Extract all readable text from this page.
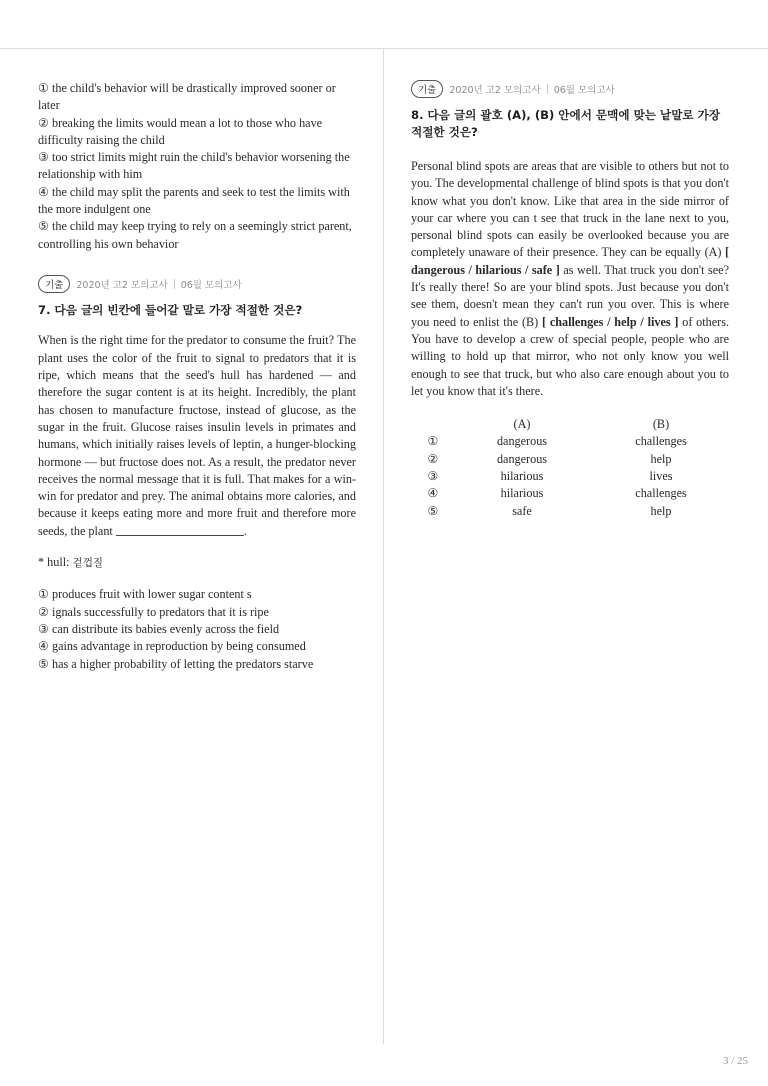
① the child's behavior will be drastically improved sooner or later

② breaking the limits would mean a lot to those who have difficulty raising the child

③ too strict limits might ruin the child's behavior worsening the relationship with him

④ the child may split the parents and seek to test the limits with the more indulgent one

⑤ the child may keep trying to rely on a seemingly strict parent, controlling his own behavior

기출	2020년 고2 모의고사 06월 모의고사

7. 다음 글의 빈칸에 들어갈 말로 가장 적절한 것은?

When is the right time for the predator to consume the fruit? The plant uses the color of the fruit to signal to predators that it is ripe, which means that the seed's hull has hardened — and therefore the sugar content is at its height. Incredibly, the plant has chosen to manufacture fructose, instead of glucose, as the sugar in the fruit. Glucose raises insulin levels in primates and humans, which initially raises levels of leptin, a hunger-blocking hormone — but fructose does not. As a result, the predator never receives the normal message that it is full. That makes for a win-win for predator and prey. The animal obtains more calories, and because it keeps eating more and more fruit and therefore more seeds, the plant	.

* hull: 겉껍질

① produces fruit with lower sugar content s

② ignals successfully to predators that it is ripe

③ can distribute its babies evenly across the field

④ gains advantage in reproduction by being consumed

⑤ has a higher probability of letting the predators starve

기출	2020년 고2 모의고사 06월 모의고사

8. 다음 글의 괄호 (A), (B) 안에서 문맥에 맞는 낱말로 가장 적절한 것은?

Personal blind spots are areas that are visible to others but not to you. The developmental challenge of blind spots is that you don't know what you don't know. Like that area in the side mirror of your car where you can t see that truck in the lane next to you, personal blind spots can easily be overlooked because you are completely unaware of their presence. They can be equally (A) [ dangerous / hilarious / safe ] as well. That truck you don't see? It's really there! So are your blind spots. Just because you don't see them, doesn't mean they can't run you over. This is where you need to enlist the (B) [ challenges / help / lives ] of others. You have to develop a crew of special people, people who are willing to hold up that mirror, who not only know you well enough to see that truck, but who also care enough about you to let you know that it's there.

	(A)	(B)
①	dangerous	challenges
②	dangerous	help
③	hilarious	lives
④	hilarious	challenges
⑤	safe	help
3 / 25
